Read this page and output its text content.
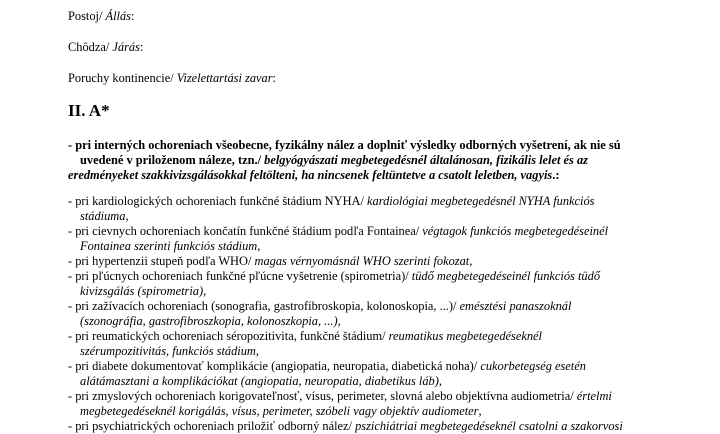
Postoj/ Állás:
Chôdza/ Járás:
Poruchy kontinencie/ Vizelettartási zavar:
II. A*
- pri interných ochoreniach všeobecne, fyzikálny nález a doplniť výsledky odborných vyšetrení, ak nie sú
uvedené v priloženom náleze, tzn./ belgyógyászati megbetegedésnél általánosan, fizikális lelet és az
eredményeket szakkivizsgálásokkal feltölteni, ha nincsenek feltüntetve a csatolt leletben, vagyis.:
- pri kardiologických ochoreniach funkčné štádium NYHA/ kardiológiai megbetegedésnél NYHA funkciós
stádiuma,
- pri cievnych ochoreniach končatín funkčné štádium podľa Fontainea/ végtagok funkciós megbetegedéseinél
Fontainea szerinti funkciós stádium,
- pri hypertenzii stupeň podľa WHO/ magas vérnyomásnál WHO szerinti fokozat,
- pri pľúcnych ochoreniach funkčné pľúcne vyšetrenie (spirometria)/ tüdő megbetegedéseinél funkciós tüdő
kivizsgálás (spirometria),
- pri zažívacích ochoreniach (sonografia, gastrofibroskopia, kolonoskopia, ...)/ emésztési panaszoknál
(szonográfia, gastrofibroszkopia, kolonoszkopia, ...),
- pri reumatických ochoreniach séropozitivita, funkčné štádium/ reumatikus megbetegedéseknél
szérumpozitivitás, funkciós stádium,
- pri diabete dokumentovať komplikácie (angiopatia, neuropatia, diabetická noha)/ cukorbetegség esetén
alátámasztani a komplikációkat (angiopatia, neuropatia, diabetikus láb),
- pri zmyslových ochoreniach korigovateľnosť, vísus, perimeter, slovná alebo objektívna audiometria/ értelmi
megbetegedéseknél korigálás, vísus, perimeter, szóbeli vagy objektív audiometer,
- pri psychiatrických ochoreniach priložiť odborný nález/ pszichiátriai megbetegedéseknél csatolni a szakorvosi
